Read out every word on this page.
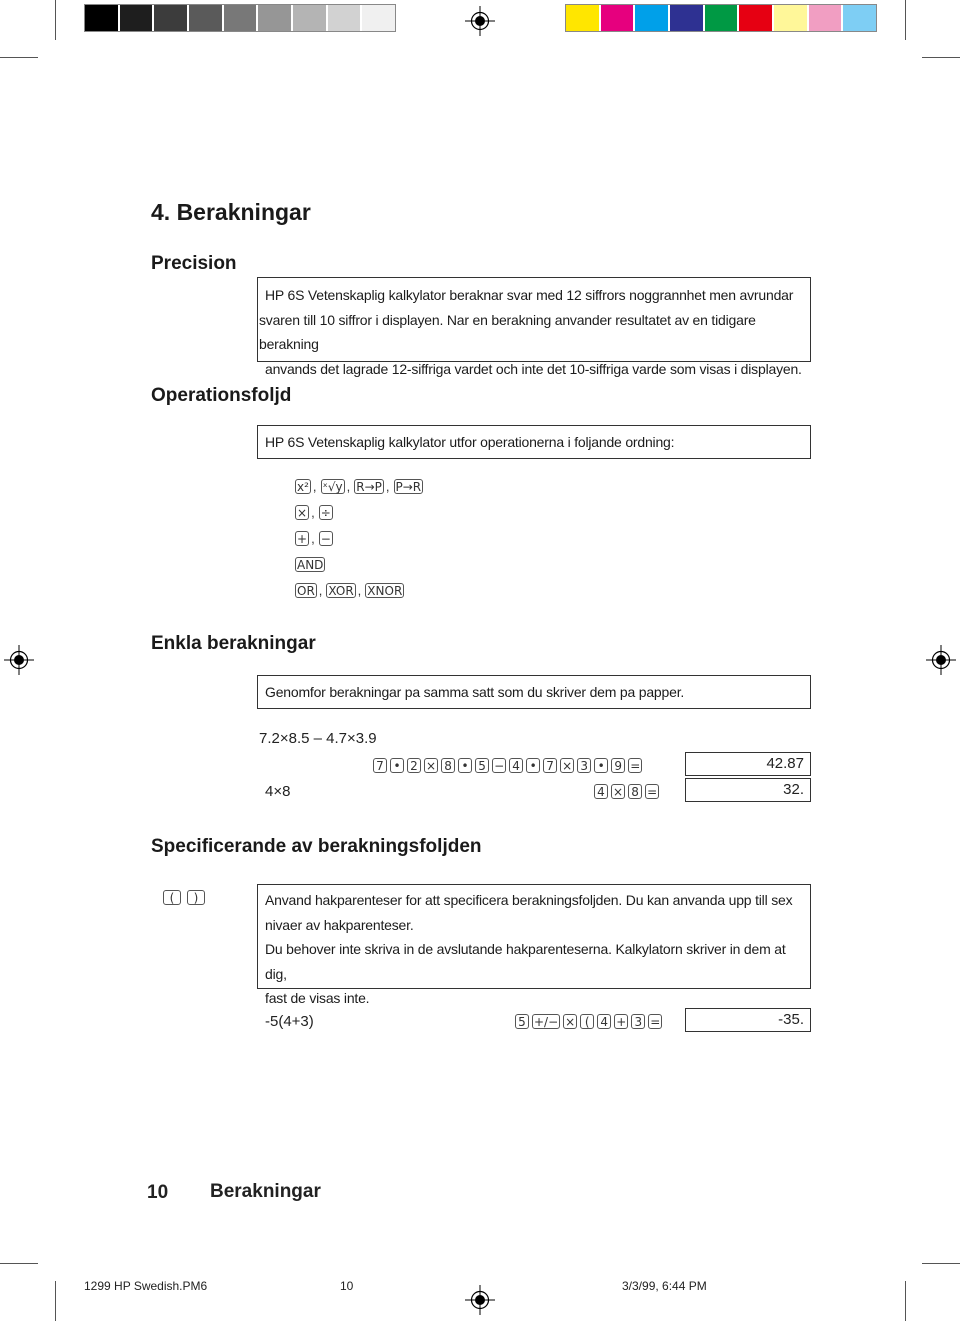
4. Berakningar
Precision
HP 6S Vetenskaplig kalkylator beraknar svar med 12 siffrors noggrannhet men avrundar
svaren till 10 siffror i displayen. Nar en berakning anvander resultatet av en tidigare berakning
anvands det lagrade 12-siffriga vardet och inte det 10-siffriga varde som visas i displayen.
Operationsfoljd
HP 6S Vetenskaplig kalkylator utfor operationerna i foljande ordning:
x² , ˣ√y , R→P , P→R
× , ÷
+ , −
AND
OR , XOR , XNOR
Enkla berakningar
Genomfor berakningar pa samma satt som du skriver dem pa papper.
7.2×8.5 – 4.7×3.9
7 • 2 × 8 • 5 − 4 • 7 × 3 • 9 =	42.87
4×8	4 × 8 =	32.
Specificerande av berakningsfoljden
( )	Anvand hakparenteser for att specificera berakningsfoljden. Du kan anvanda upp till sex
nivaer av hakparenteser.
Du behover inte skriva in de avslutande hakparenteserna. Kalkylatorn skriver in dem at dig,
fast de visas inte.
-5(4+3)	5 +/− × ( 4 + 3 =	-35.
10 Berakningar
1299 HP Swedish.PM6	10	3/3/99, 6:44 PM
